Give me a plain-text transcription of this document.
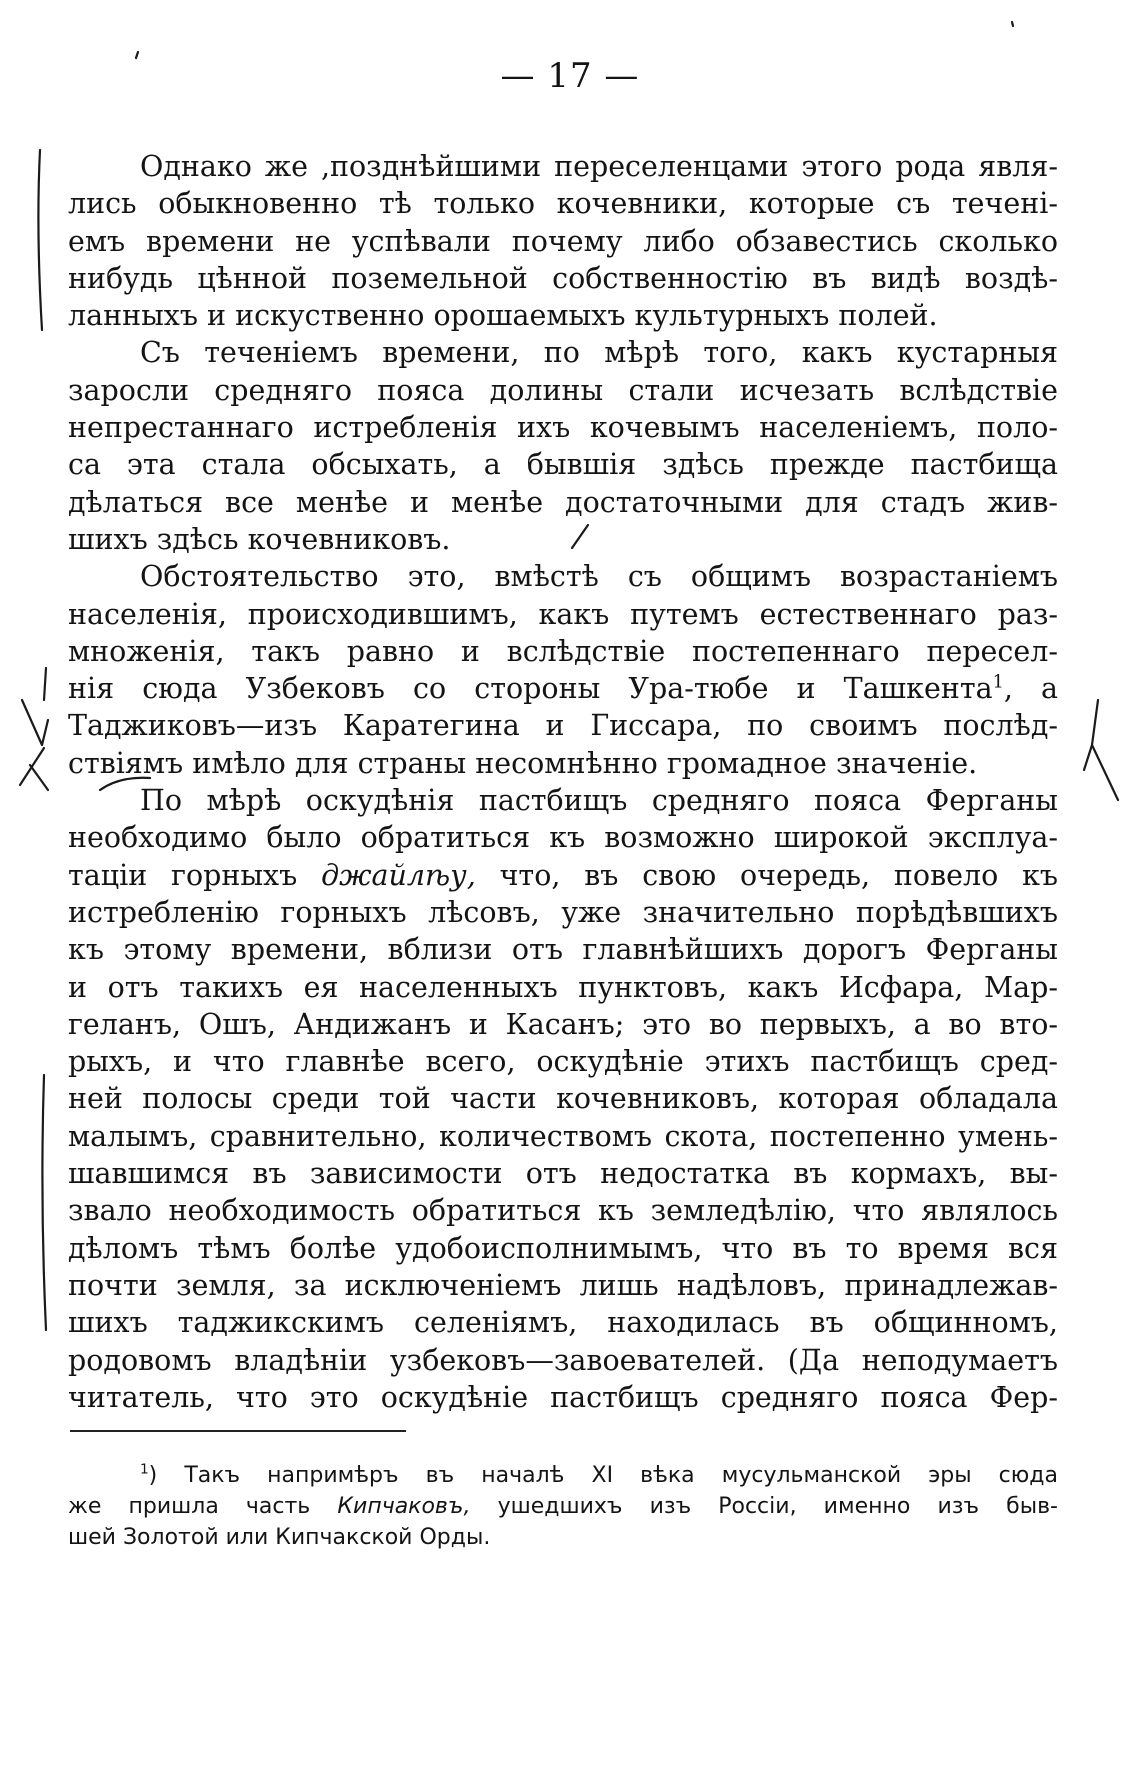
— 17 —
Однако же ,позднѣйшими переселенцами этого рода явля-
лись обыкновенно тѣ только кочевники, которые съ теченi-
емъ времени не успѣвали почему либо обзавестись сколько
нибудь цѣнной поземельной собственностiю въ видѣ воздѣ-
ланныхъ и искуственно орошаемыхъ культурныхъ полей.
Съ теченiемъ времени, по мѣрѣ того, какъ кустарныя
заросли средняго пояса долины стали исчезать вслѣдствiе
непрестаннаго истребленiя ихъ кочевымъ населенiемъ, поло-
са эта стала обсыхать, а бывшiя здѣсь прежде пастбища
дѣлаться все менѣе и менѣе достаточными для стадъ жив-
шихъ здѣсь кочевниковъ.
Обстоятельство это, вмѣстѣ съ общимъ возрастанiемъ
населенiя, происходившимъ, какъ путемъ естественнаго раз-
множенiя, такъ равно и вслѣдствiе постепеннаго пересел-
нiя сюда Узбековъ со стороны Ура-тюбе и Ташкента$^1$, а
Таджиковъ—изъ Каратегина и Гиссара, по своимъ послѣд-
ствiямъ имѣло для страны несомнѣнно громадное значенiе.
По мѣрѣ оскудѣнiя пастбищъ средняго пояса Ферганы
необходимо было обратиться къ возможно широкой эксплуа-
тацiи горныхъ джайлѣу, что, въ свою очередь, повело къ
истребленiю горныхъ лѣсовъ, уже значительно порѣдѣвшихъ
къ этому времени, вблизи отъ главнѣйшихъ дорогъ Ферганы
и отъ такихъ ея населенныхъ пунктовъ, какъ Исфара, Мар-
геланъ, Ошъ, Андижанъ и Касанъ; это во первыхъ, а во вто-
рыхъ, и что главнѣе всего, оскудѣнiе этихъ пастбищъ сред-
ней полосы среди той части кочевниковъ, которая обладала
малымъ, сравнительно, количествомъ скота, постепенно умень-
шавшимся въ зависимости отъ недостатка въ кормахъ, вы-
звало необходимость обратиться къ земледѣлiю, что являлось
дѣломъ тѣмъ болѣе удобоисполнимымъ, что въ то время вся
почти земля, за исключенiемъ лишь надѣловъ, принадлежав-
шихъ таджикскимъ селенiямъ, находилась въ общинномъ,
родовомъ владѣнiи узбековъ—завоевателей. (Да неподумаетъ
читатель, что это оскудѣнiе пастбищъ средняго пояса Фер-
$^1$) Такъ напримѣръ въ началѣ XI вѣка мусульманской эры сюда
же пришла часть Кипчаковъ, ушедшихъ изъ Россiи, именно изъ быв-
шей Золотой или Кипчакской Орды.
